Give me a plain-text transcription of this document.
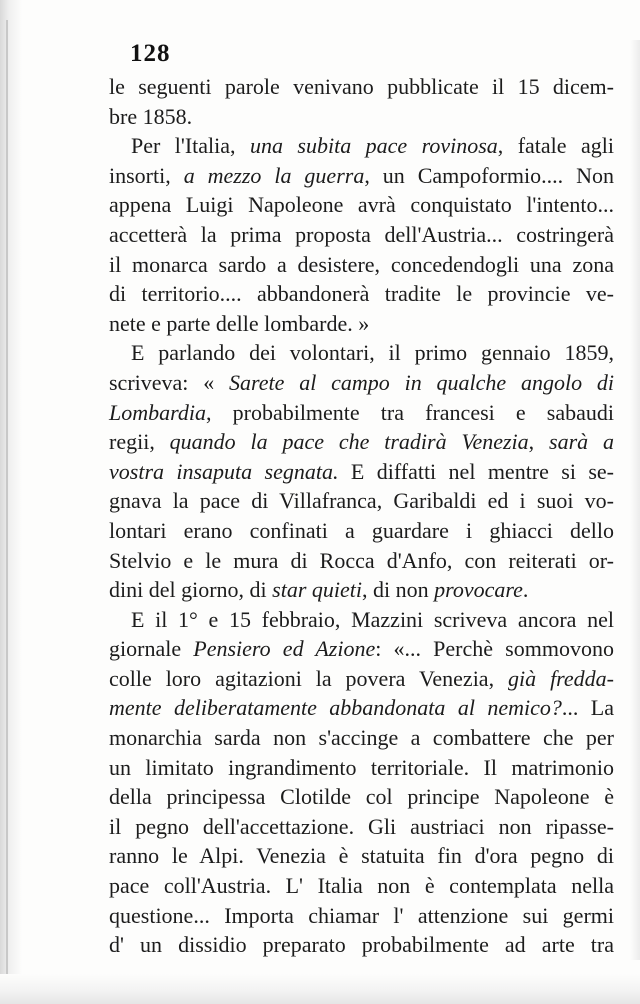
128
le seguenti parole venivano pubblicate il 15 dicem-
bre 1858.
Per l'Italia, una subita pace rovinosa, fatale agli
insorti, a mezzo la guerra, un Campoformio.... Non
appena Luigi Napoleone avrà conquistato l'intento...
accetterà la prima proposta dell'Austria... costringerà
il monarca sardo a desistere, concedendogli una zona
di territorio.... abbandonerà tradite le provincie ve-
nete e parte delle lombarde. »
E parlando dei volontari, il primo gennaio 1859,
scriveva: « Sarete al campo in qualche angolo di
Lombardia, probabilmente tra francesi e sabaudi
regii, quando la pace che tradirà Venezia, sarà a
vostra insaputa segnata. E diffatti nel mentre si se-
gnava la pace di Villafranca, Garibaldi ed i suoi vo-
lontari erano confinati a guardare i ghiacci dello
Stelvio e le mura di Rocca d'Anfo, con reiterati or-
dini del giorno, di star quieti, di non provocare.
E il 1° e 15 febbraio, Mazzini scriveva ancora nel
giornale Pensiero ed Azione: «... Perchè sommovono
colle loro agitazioni la povera Venezia, già fredda-
mente deliberatamente abbandonata al nemico?... La
monarchia sarda non s'accinge a combattere che per
un limitato ingrandimento territoriale. Il matrimonio
della principessa Clotilde col principe Napoleone è
il pegno dell'accettazione. Gli austriaci non ripasse-
ranno le Alpi. Venezia è statuita fin d'ora pegno di
pace coll'Austria. L' Italia non è contemplata nella
questione... Importa chiamar l' attenzione sui germi
d' un dissidio preparato probabilmente ad arte tra
